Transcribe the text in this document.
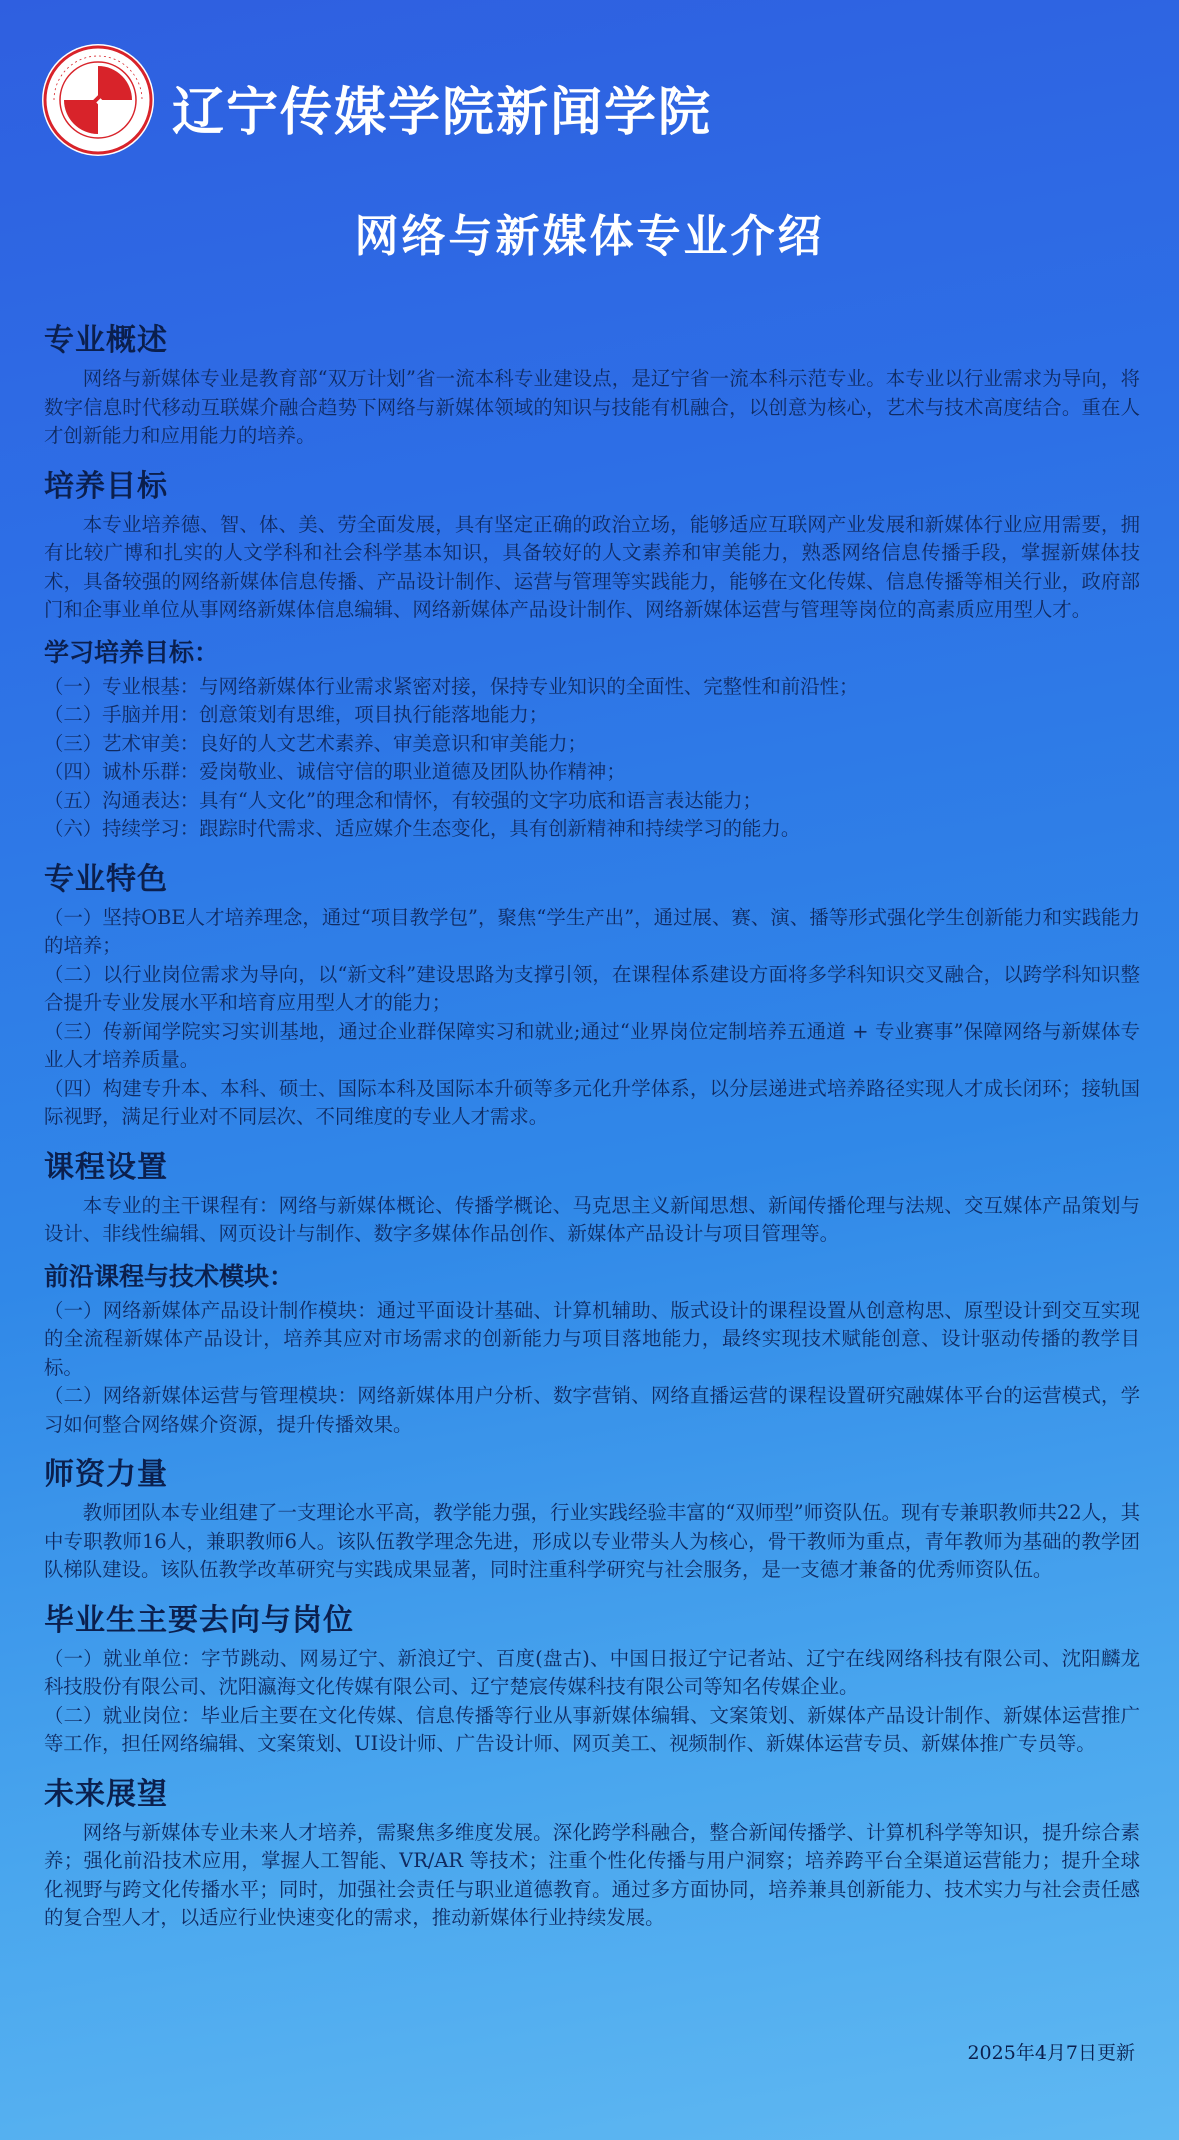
辽宁传媒学院新闻学院
网络与新媒体专业介绍
专业概述

网络与新媒体专业是教育部“双万计划”省一流本科专业建设点，是辽宁省一流本科示范专业。本专业以行业需求为导向，将数字信息时代移动互联媒介融合趋势下网络与新媒体领域的知识与技能有机融合，以创意为核心，艺术与技术高度结合。重在人才创新能力和应用能力的培养。

培养目标

本专业培养德、智、体、美、劳全面发展，具有坚定正确的政治立场，能够适应互联网产业发展和新媒体行业应用需要，拥有比较广博和扎实的人文学科和社会科学基本知识，具备较好的人文素养和审美能力，熟悉网络信息传播手段，掌握新媒体技术，具备较强的网络新媒体信息传播、产品设计制作、运营与管理等实践能力，能够在文化传媒、信息传播等相关行业，政府部门和企事业单位从事网络新媒体信息编辑、网络新媒体产品设计制作、网络新媒体运营与管理等岗位的高素质应用型人才。

学习培养目标：

（一）专业根基：与网络新媒体行业需求紧密对接，保持专业知识的全面性、完整性和前沿性；

（二）手脑并用：创意策划有思维，项目执行能落地能力；

（三）艺术审美：良好的人文艺术素养、审美意识和审美能力；

（四）诚朴乐群：爱岗敬业、诚信守信的职业道德及团队协作精神；

（五）沟通表达：具有“人文化”的理念和情怀，有较强的文字功底和语言表达能力；

（六）持续学习：跟踪时代需求、适应媒介生态变化，具有创新精神和持续学习的能力。

专业特色

（一）坚持OBE人才培养理念，通过“项目教学包”，聚焦“学生产出”，通过展、赛、演、播等形式强化学生创新能力和实践能力的培养；

（二）以行业岗位需求为导向，以“新文科”建设思路为支撑引领，在课程体系建设方面将多学科知识交叉融合，以跨学科知识整合提升专业发展水平和培育应用型人才的能力；

（三）传新闻学院实习实训基地，通过企业群保障实习和就业;通过“业界岗位定制培养五通道 + 专业赛事”保障网络与新媒体专业人才培养质量。

（四）构建专升本、本科、硕士、国际本科及国际本升硕等多元化升学体系，以分层递进式培养路径实现人才成长闭环；接轨国际视野，满足行业对不同层次、不同维度的专业人才需求。

课程设置

本专业的主干课程有：网络与新媒体概论、传播学概论、马克思主义新闻思想、新闻传播伦理与法规、交互媒体产品策划与设计、非线性编辑、网页设计与制作、数字多媒体作品创作、新媒体产品设计与项目管理等。

前沿课程与技术模块：

（一）网络新媒体产品设计制作模块：通过平面设计基础、计算机辅助、版式设计的课程设置从创意构思、原型设计到交互实现的全流程新媒体产品设计，培养其应对市场需求的创新能力与项目落地能力，最终实现技术赋能创意、设计驱动传播的教学目标。

（二）网络新媒体运营与管理模块：网络新媒体用户分析、数字营销、网络直播运营的课程设置研究融媒体平台的运营模式，学习如何整合网络媒介资源，提升传播效果。

师资力量

教师团队本专业组建了一支理论水平高，教学能力强，行业实践经验丰富的“双师型”师资队伍。现有专兼职教师共22人，其中专职教师16人，兼职教师6人。该队伍教学理念先进，形成以专业带头人为核心，骨干教师为重点，青年教师为基础的教学团队梯队建设。该队伍教学改革研究与实践成果显著，同时注重科学研究与社会服务，是一支德才兼备的优秀师资队伍。

毕业生主要去向与岗位

（一）就业单位：字节跳动、网易辽宁、新浪辽宁、百度(盘古)、中国日报辽宁记者站、辽宁在线网络科技有限公司、沈阳麟龙科技股份有限公司、沈阳瀛海文化传媒有限公司、辽宁楚宸传媒科技有限公司等知名传媒企业。

（二）就业岗位：毕业后主要在文化传媒、信息传播等行业从事新媒体编辑、文案策划、新媒体产品设计制作、新媒体运营推广等工作，担任网络编辑、文案策划、UI设计师、广告设计师、网页美工、视频制作、新媒体运营专员、新媒体推广专员等。

未来展望

网络与新媒体专业未来人才培养，需聚焦多维度发展。深化跨学科融合，整合新闻传播学、计算机科学等知识，提升综合素养；强化前沿技术应用，掌握人工智能、VR/AR 等技术；注重个性化传播与用户洞察；培养跨平台全渠道运营能力；提升全球化视野与跨文化传播水平；同时，加强社会责任与职业道德教育。通过多方面协同，培养兼具创新能力、技术实力与社会责任感的复合型人才，以适应行业快速变化的需求，推动新媒体行业持续发展。

2025年4月7日更新
